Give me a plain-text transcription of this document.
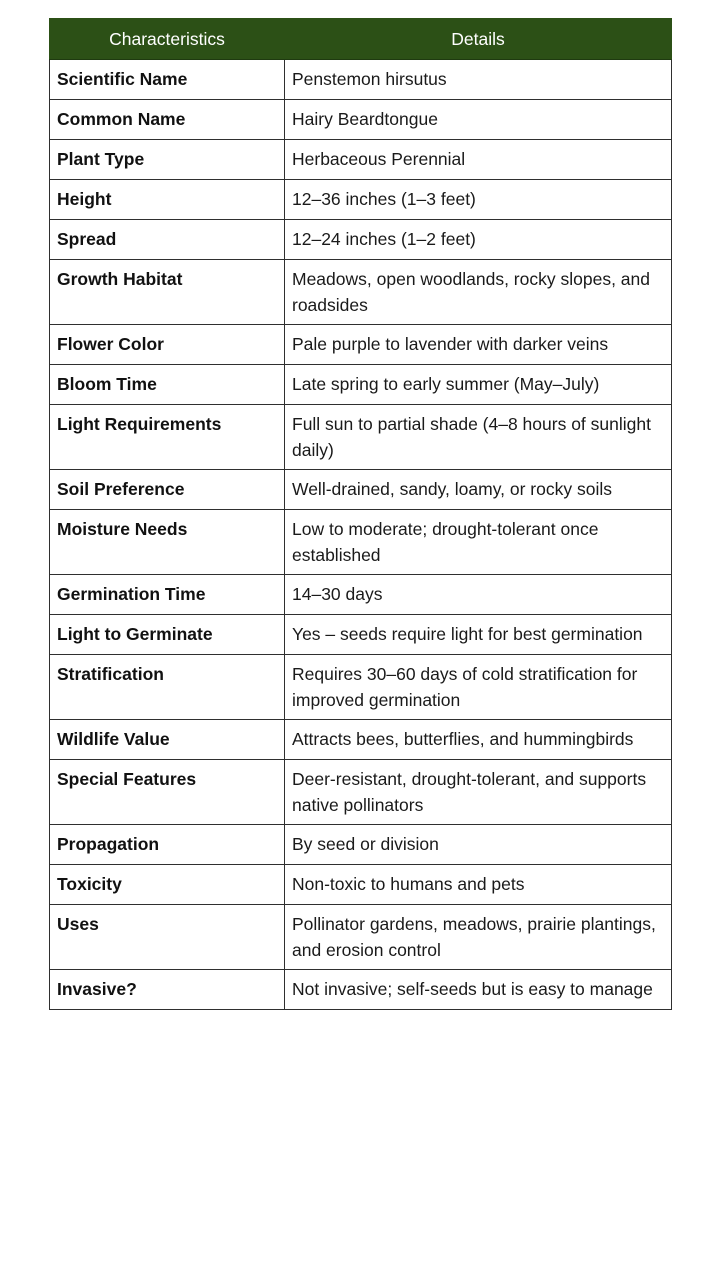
Characteristics	Details
Scientific Name	Penstemon hirsutus
Common Name	Hairy Beardtongue
Plant Type	Herbaceous Perennial
Height	12–36 inches (1–3 feet)
Spread	12–24 inches (1–2 feet)
Growth Habitat	Meadows, open woodlands, rocky slopes, and roadsides
Flower Color	Pale purple to lavender with darker veins
Bloom Time	Late spring to early summer (May–July)
Light Requirements	Full sun to partial shade (4–8 hours of sunlight daily)
Soil Preference	Well-drained, sandy, loamy, or rocky soils
Moisture Needs	Low to moderate; drought-tolerant once established
Germination Time	14–30 days
Light to Germinate	Yes – seeds require light for best germination
Stratification	Requires 30–60 days of cold stratification for improved germination
Wildlife Value	Attracts bees, butterflies, and hummingbirds
Special Features	Deer-resistant, drought-tolerant, and supports native pollinators
Propagation	By seed or division
Toxicity	Non-toxic to humans and pets
Uses	Pollinator gardens, meadows, prairie plantings, and erosion control
Invasive?	Not invasive; self-seeds but is easy to manage
